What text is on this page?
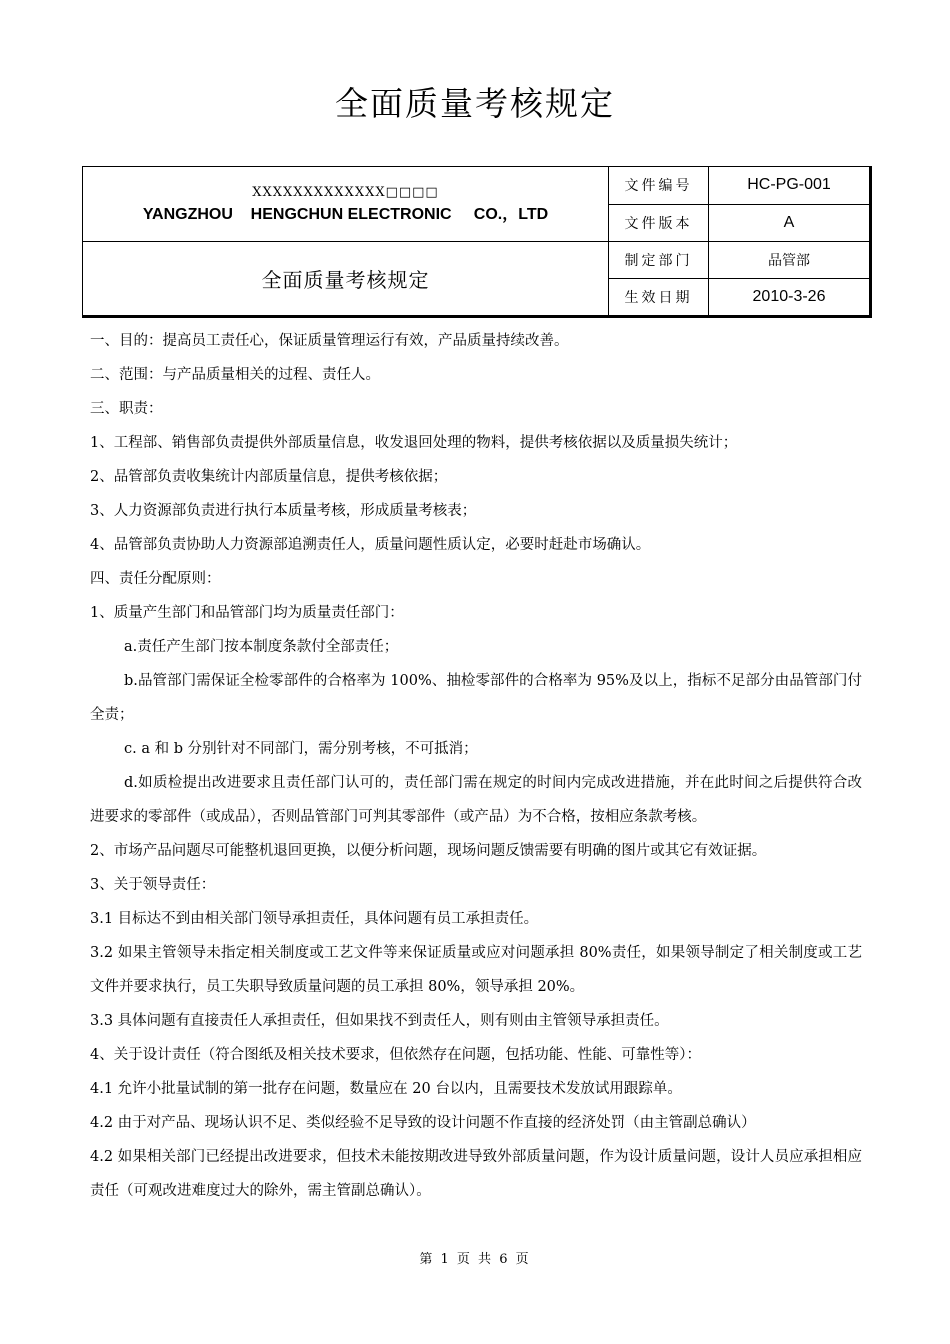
全面质量考核规定
XXXXXXXXXXXXX□□□□
YANGZHOU    HENGCHUN ELECTRONIC     CO.，LTD	文件编号	HC-PG-001
	文件版本	A
全面质量考核规定	制定部门	品管部
	生效日期	2010-3-26

一、目的：提高员工责任心，保证质量管理运行有效，产品质量持续改善。

二、范围：与产品质量相关的过程、责任人。

三、职责：

1、工程部、销售部负责提供外部质量信息，收发退回处理的物料，提供考核依据以及质量损失统计；

2、品管部负责收集统计内部质量信息，提供考核依据；

3、人力资源部负责进行执行本质量考核，形成质量考核表；

4、品管部负责协助人力资源部追溯责任人，质量问题性质认定，必要时赶赴市场确认。

四、责任分配原则：

1、质量产生部门和品管部门均为质量责任部门：

a.责任产生部门按本制度条款付全部责任；

b.品管部门需保证全检零部件的合格率为 100%、抽检零部件的合格率为 95%及以上，指标不足部分由品管部门付全责；

c. a 和 b 分别针对不同部门，需分别考核，不可抵消；

d.如质检提出改进要求且责任部门认可的，责任部门需在规定的时间内完成改进措施，并在此时间之后提供符合改进要求的零部件（或成品），否则品管部门可判其零部件（或产品）为不合格，按相应条款考核。

2、市场产品问题尽可能整机退回更换，以便分析问题，现场问题反馈需要有明确的图片或其它有效证据。

3、关于领导责任：

3.1 目标达不到由相关部门领导承担责任，具体问题有员工承担责任。

3.2 如果主管领导未指定相关制度或工艺文件等来保证质量或应对问题承担 80%责任，如果领导制定了相关制度或工艺文件并要求执行，员工失职导致质量问题的员工承担 80%，领导承担 20%。

3.3 具体问题有直接责任人承担责任，但如果找不到责任人，则有则由主管领导承担责任。

4、关于设计责任（符合图纸及相关技术要求，但依然存在问题，包括功能、性能、可靠性等）：

4.1 允许小批量试制的第一批存在问题，数量应在 20 台以内，且需要技术发放试用跟踪单。

4.2 由于对产品、现场认识不足、类似经验不足导致的设计问题不作直接的经济处罚（由主管副总确认）

4.2 如果相关部门已经提出改进要求，但技术未能按期改进导致外部质量问题，作为设计质量问题，设计人员应承担相应责任（可观改进难度过大的除外，需主管副总确认）。

第 1 页 共 6 页
